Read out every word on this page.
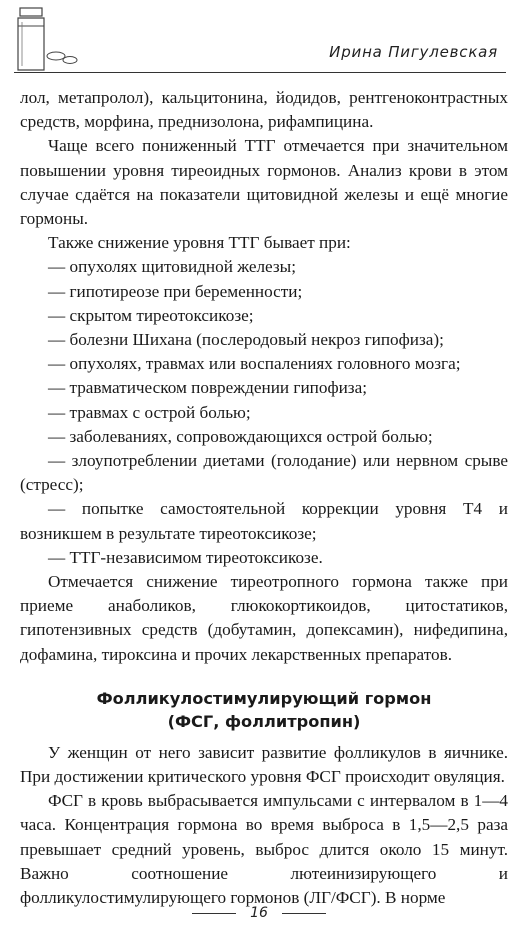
Ирина Пигулевская

лол, метапролол), кальцитонина, йодидов, рентгеноконтрастных средств, морфина, преднизолона, рифампицина.

Чаще всего пониженный ТТГ отмечается при значительном повышении уровня тиреоидных гормонов. Анализ крови в этом случае сдаётся на показатели щитовидной железы и ещё многие гормоны.

Также снижение уровня ТТГ бывает при:

— опухолях щитовидной железы;
— гипотиреозе при беременности;
— скрытом тиреотоксикозе;
— болезни Шихана (послеродовый некроз гипофиза);
— опухолях, травмах или воспалениях головного мозга;
— травматическом повреждении гипофиза;
— травмах с острой болью;
— заболеваниях, сопровождающихся острой болью;
— злоупотреблении диетами (голодание) или нервном срыве (стресс);
— попытке самостоятельной коррекции уровня Т4 и возникшем в результате тиреотоксикозе;
— ТТГ-независимом тиреотоксикозе.

Отмечается снижение тиреотропного гормона также при приеме анаболиков, глюкокортикоидов, цитостатиков, гипотензивных средств (добутамин, допексамин), нифедипина, дофамина, тироксина и прочих лекарственных препаратов.

Фолликулостимулирующий гормон
(ФСГ, фоллитропин)

У женщин от него зависит развитие фолликулов в яичнике. При достижении критического уровня ФСГ происходит овуляция.

ФСГ в кровь выбрасывается импульсами с интервалом в 1—4 часа. Концентрация гормона во время выброса в 1,5—2,5 раза превышает средний уровень, выброс длится около 15 минут. Важно соотношение лютеинизирующего и фолликулостимулирующего гормонов (ЛГ/ФСГ). В норме

16
